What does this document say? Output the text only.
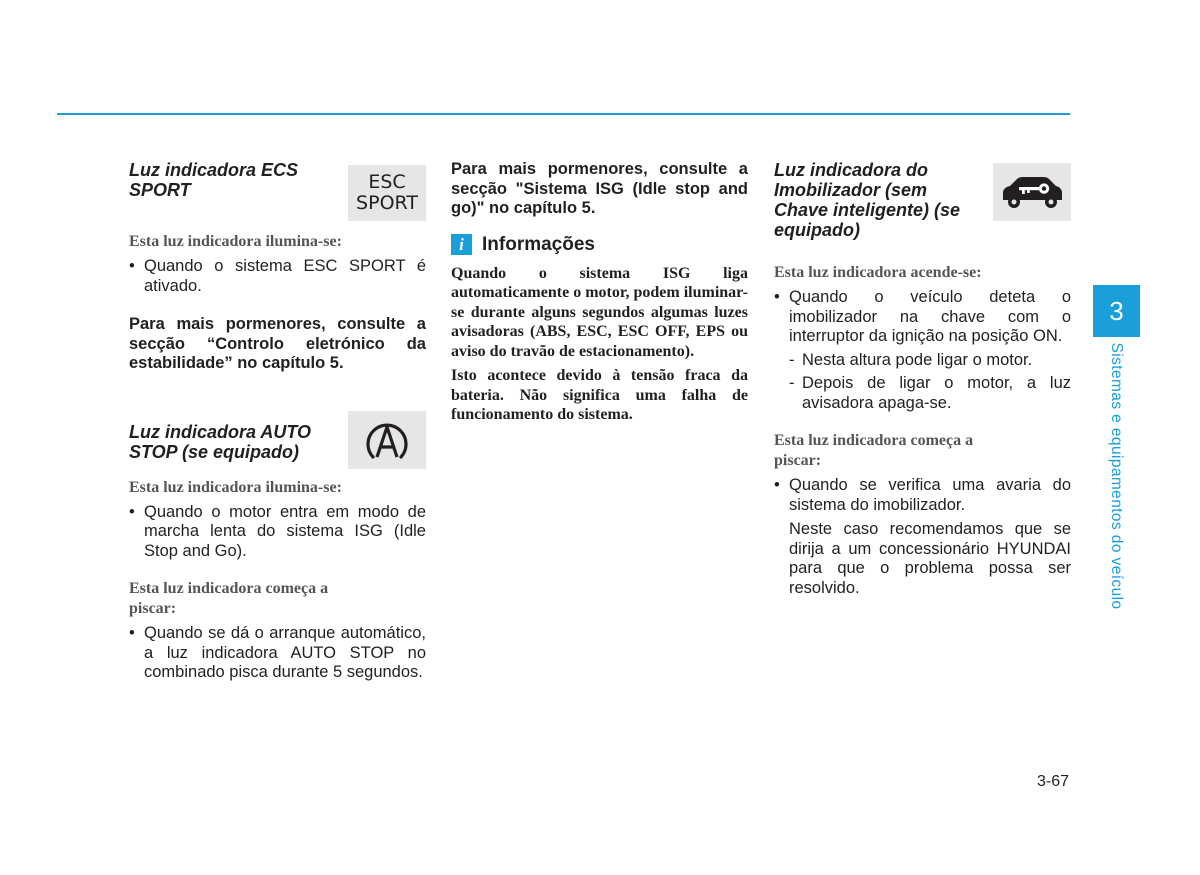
Luz indicadora ECS SPORT	ESC
SPORT

Esta luz indicadora ilumina-se:

• Quando o sistema ESC SPORT é ativado.

Para mais pormenores, consulte a secção “Controlo eletrónico da estabilidade” no capítulo 5.

Luz indicadora AUTO STOP (se equipado)

Esta luz indicadora ilumina-se:

• Quando o motor entra em modo de marcha lenta do sistema ISG (Idle Stop and Go).

Esta luz indicadora começa a piscar:

• Quando se dá o arranque automático, a luz indicadora AUTO STOP no combinado pisca durante 5 segundos.

Para mais pormenores, consulte a secção "Sistema ISG (Idle stop and go)" no capítulo 5.

i Informações

Quando o sistema ISG liga automaticamente o motor, podem iluminar-se durante alguns segundos algumas luzes avisadoras (ABS, ESC, ESC OFF, EPS ou aviso do travão de estacionamento).

Isto acontece devido à tensão fraca da bateria. Não significa uma falha de funcionamento do sistema.

Luz indicadora do Imobilizador (sem Chave inteligente) (se equipado)

Esta luz indicadora acende-se:

• Quando o veículo deteta o imobilizador na chave com o interruptor da ignição na posição ON.
- Nesta altura pode ligar o motor.
- Depois de ligar o motor, a luz avisadora apaga-se.

Esta luz indicadora começa a piscar:

• Quando se verifica uma avaria do sistema do imobilizador.

Neste caso recomendamos que se dirija a um concessionário HYUNDAI para que o problema possa ser resolvido.

3
Sistemas e equipamentos do veículo
3-67
